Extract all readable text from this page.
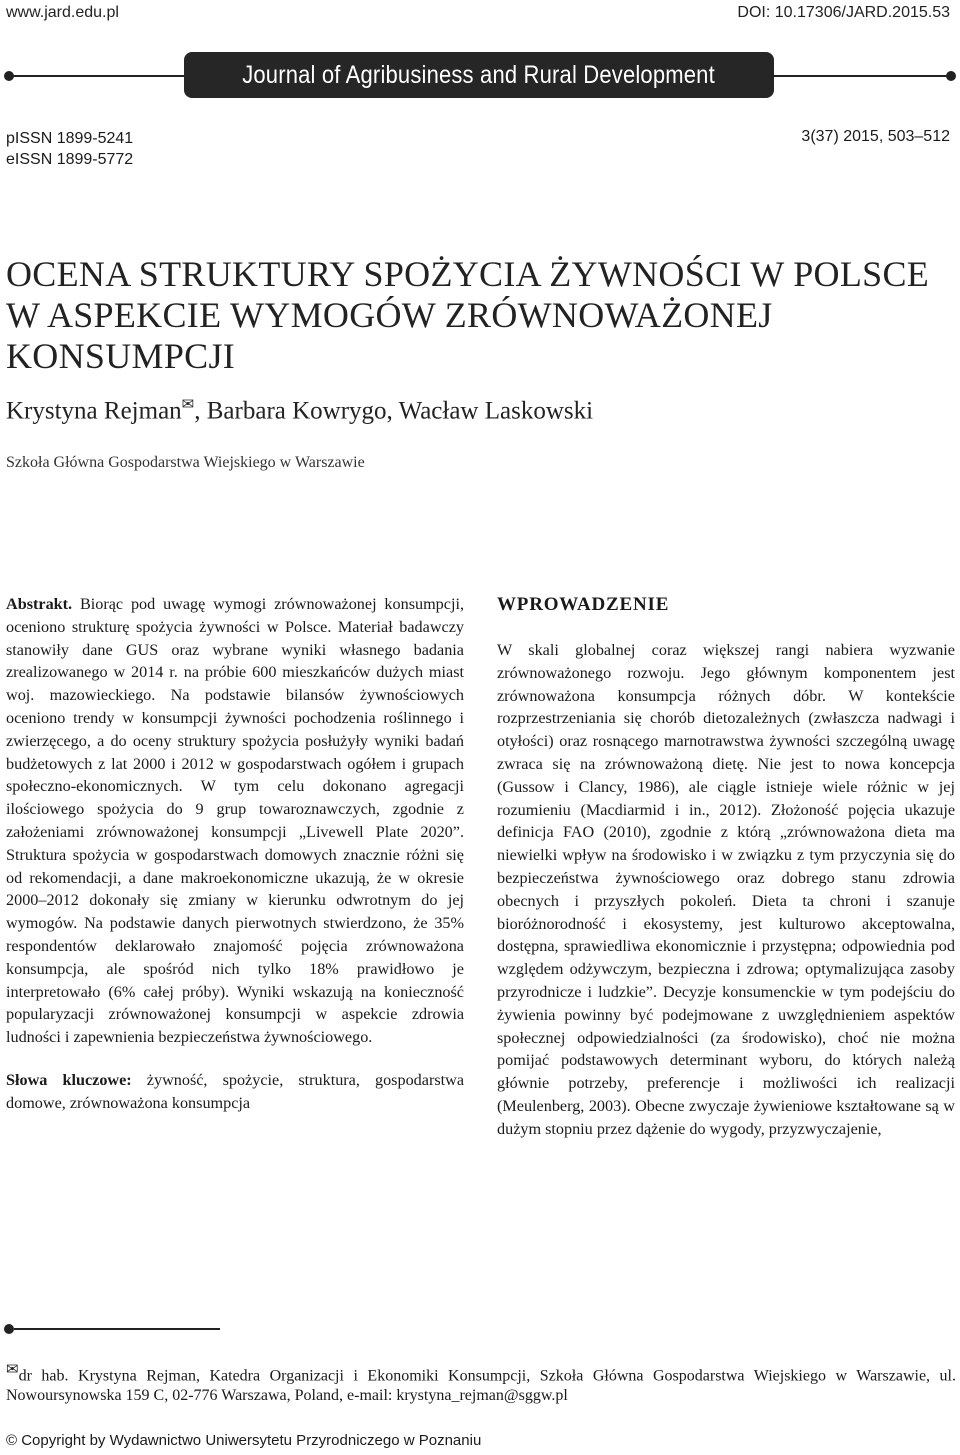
www.jard.edu.pl	DOI: 10.17306/JARD.2015.53
Journal of Agribusiness and Rural Development
pISSN 1899-5241
eISSN 1899-5772
3(37) 2015, 503–512
OCENA STRUKTURY SPOŻYCIA ŻYWNOŚCI W POLSCE
W ASPEKCIE WYMOGÓW ZRÓWNOWAŻONEJ
KONSUMPCJI
Krystyna Rejman✉, Barbara Kowrygo, Wacław Laskowski
Szkoła Główna Gospodarstwa Wiejskiego w Warszawie
Abstrakt. Biorąc pod uwagę wymogi zrównoważonej konsumpcji, oceniono strukturę spożycia żywności w Polsce. Materiał badawczy stanowiły dane GUS oraz wybrane wyniki własnego badania zrealizowanego w 2014 r. na próbie 600 mieszkańców dużych miast woj. mazowieckiego. Na podstawie bilansów żywnościowych oceniono trendy w konsumpcji żywności pochodzenia roślinnego i zwierzęcego, a do oceny struktury spożycia posłużyły wyniki badań budżetowych z lat 2000 i 2012 w gospodarstwach ogółem i grupach społeczno-ekonomicznych. W tym celu dokonano agregacji ilościowego spożycia do 9 grup towaroznawczych, zgodnie z założeniami zrównoważonej konsumpcji „Livewell Plate 2020”. Struktura spożycia w gospodarstwach domowych znacznie różni się od rekomendacji, a dane makroekonomiczne ukazują, że w okresie 2000–2012 dokonały się zmiany w kierunku odwrotnym do jej wymogów. Na podstawie danych pierwotnych stwierdzono, że 35% respondentów deklarowało znajomość pojęcia zrównoważona konsumpcja, ale spośród nich tylko 18% prawidłowo je interpretowało (6% całej próby). Wyniki wskazują na konieczność popularyzacji zrównoważonej konsumpcji w aspekcie zdrowia ludności i zapewnienia bezpieczeństwa żywnościowego.
Słowa kluczowe: żywność, spożycie, struktura, gospodarstwa domowe, zrównoważona konsumpcja
WPROWADZENIE
W skali globalnej coraz większej rangi nabiera wyzwanie zrównoważonego rozwoju. Jego głównym komponentem jest zrównoważona konsumpcja różnych dóbr. W kontekście rozprzestrzeniania się chorób dietozależnych (zwłaszcza nadwagi i otyłości) oraz rosnącego marnotrawstwa żywności szczególną uwagę zwraca się na zrównoważoną dietę. Nie jest to nowa koncepcja (Gussow i Clancy, 1986), ale ciągle istnieje wiele różnic w jej rozumieniu (Macdiarmid i in., 2012). Złożoność pojęcia ukazuje definicja FAO (2010), zgodnie z którą „zrównoważona dieta ma niewielki wpływ na środowisko i w związku z tym przyczynia się do bezpieczeństwa żywnościowego oraz dobrego stanu zdrowia obecnych i przyszłych pokoleń. Dieta ta chroni i szanuje bioróżnorodność i ekosystemy, jest kulturowo akceptowalna, dostępna, sprawiedliwa ekonomicznie i przystępna; odpowiednia pod względem odżywczym, bezpieczna i zdrowa; optymalizująca zasoby przyrodnicze i ludzkie”. Decyzje konsumenckie w tym podejściu do żywienia powinny być podejmowane z uwzględnieniem aspektów społecznej odpowiedzialności (za środowisko), choć nie można pomijać podstawowych determinant wyboru, do których należą głównie potrzeby, preferencje i możliwości ich realizacji (Meulenberg, 2003). Obecne zwyczaje żywieniowe kształtowane są w dużym stopniu przez dążenie do wygody, przyzwyczajenie,
✉dr hab. Krystyna Rejman, Katedra Organizacji i Ekonomiki Konsumpcji, Szkoła Główna Gospodarstwa Wiejskiego w Warszawie, ul. Nowoursynowska 159 C, 02-776 Warszawa, Poland, e-mail: krystyna_rejman@sggw.pl
© Copyright by Wydawnictwo Uniwersytetu Przyrodniczego w Poznaniu
